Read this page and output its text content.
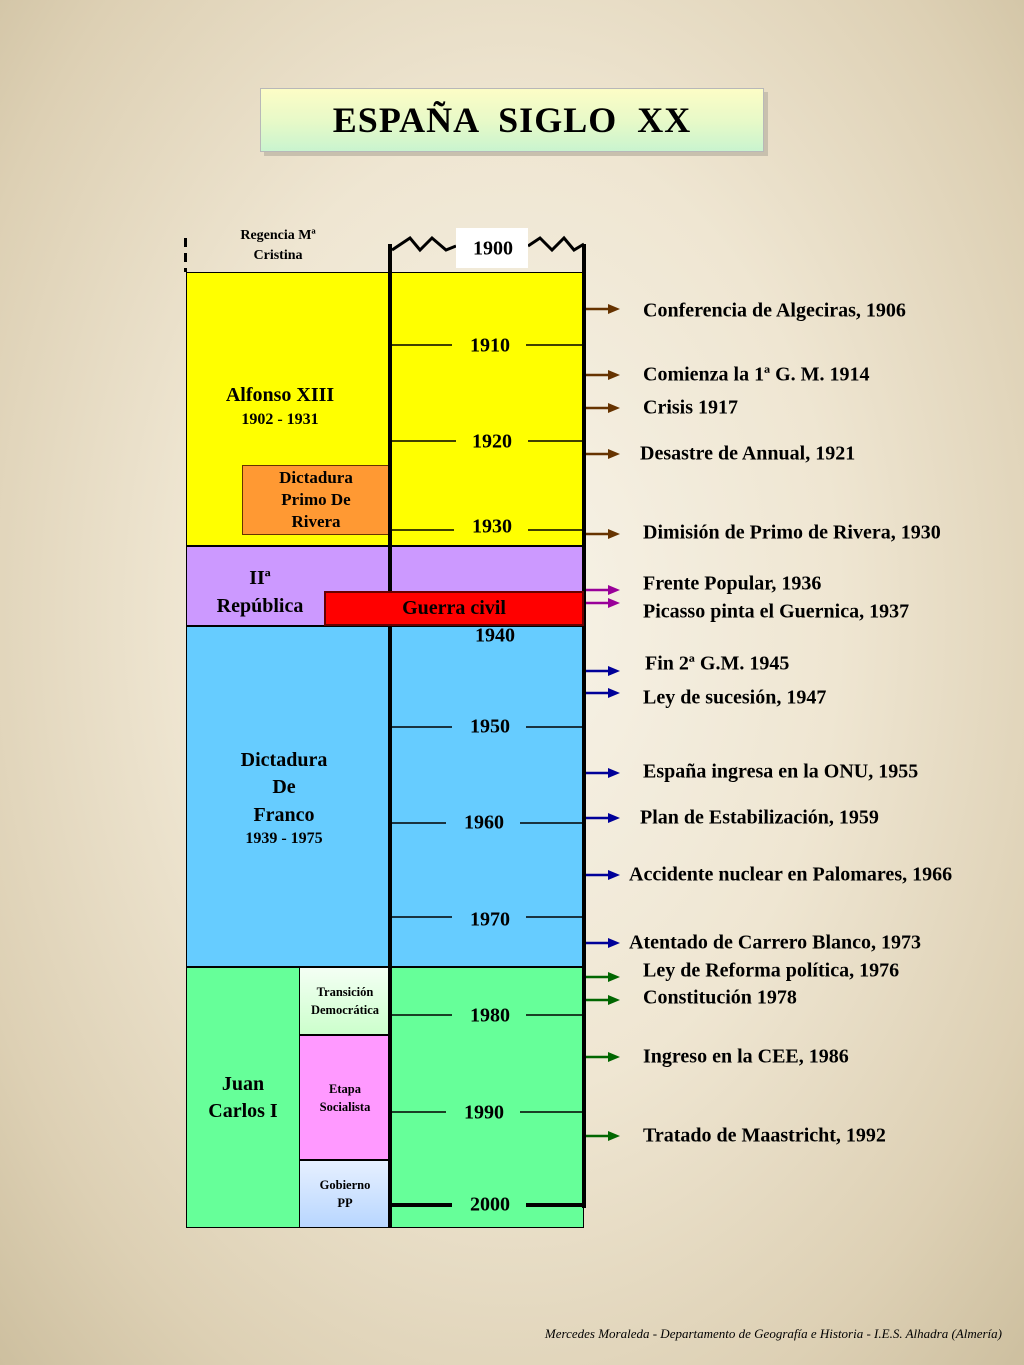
ESPAÑA SIGLO XX
Regencia Mª Cristina
Alfonso XIII
1902 - 1931
Dictadura Primo De Rivera
IIª
República
Dictadura
De
Franco
1939 - 1975
Juan
Carlos I
Transición
Democrática
Etapa
Socialista
Gobierno
PP
Guerra civil
1900
1910
1920
1930
1940
1950
1960
1970
1980
1990
2000
Conferencia de Algeciras, 1906
Comienza la 1ª G. M. 1914
Crisis 1917
Desastre de Annual, 1921
Dimisión de Primo de Rivera, 1930
Frente Popular, 1936
Picasso pinta el Guernica, 1937
Fin 2ª G.M. 1945
Ley de sucesión, 1947
España ingresa en la ONU, 1955
Plan de Estabilización, 1959
Accidente nuclear en Palomares, 1966
Atentado de Carrero Blanco, 1973
Ley de Reforma política, 1976
Constitución 1978
Ingreso en la CEE, 1986
Tratado de Maastricht, 1992
Mercedes Moraleda - Departamento de Geografía e Historia - I.E.S. Alhadra (Almería)
